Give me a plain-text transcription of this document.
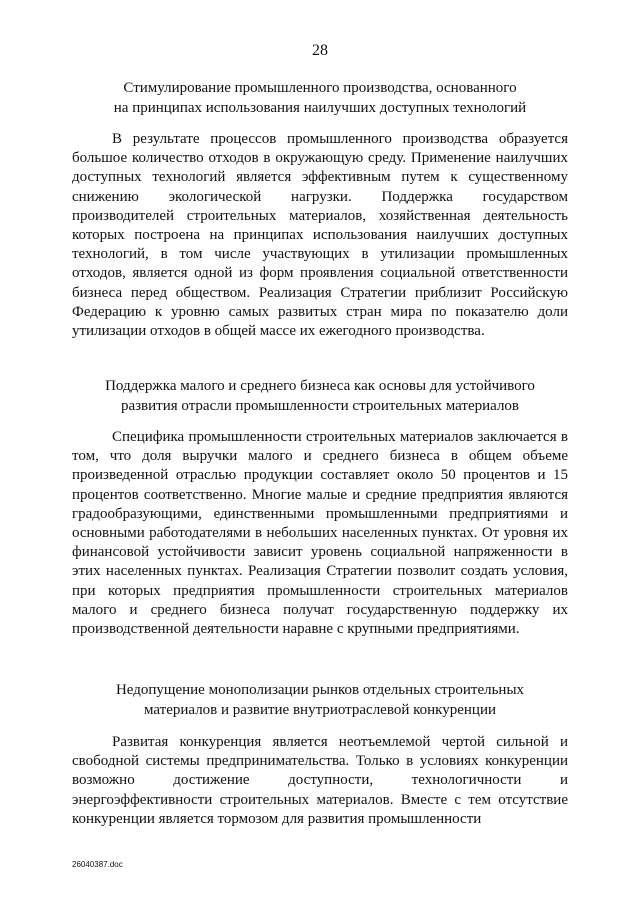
28
Стимулирование промышленного производства, основанного
на принципах использования наилучших доступных технологий

В результате процессов промышленного производства образуется большое количество отходов в окружающую среду. Применение наилучших доступных технологий является эффективным путем к существенному снижению экологической нагрузки. Поддержка государством производителей строительных материалов, хозяйственная деятельность которых построена на принципах использования наилучших доступных технологий, в том числе участвующих в утилизации промышленных отходов, является одной из форм проявления социальной ответственности бизнеса перед обществом. Реализация Стратегии приблизит Российскую Федерацию к уровню самых развитых стран мира по показателю доли утилизации отходов в общей массе их ежегодного производства.

Поддержка малого и среднего бизнеса как основы для устойчивого
развития отрасли промышленности строительных материалов

Специфика промышленности строительных материалов заключается в том, что доля выручки малого и среднего бизнеса в общем объеме произведенной отраслью продукции составляет около 50 процентов и 15 процентов соответственно. Многие малые и средние предприятия являются градообразующими, единственными промышленными предприятиями и основными работодателями в небольших населенных пунктах. От уровня их финансовой устойчивости зависит уровень социальной напряженности в этих населенных пунктах. Реализация Стратегии позволит создать условия, при которых предприятия промышленности строительных материалов малого и среднего бизнеса получат государственную поддержку их производственной деятельности наравне с крупными предприятиями.

Недопущение монополизации рынков отдельных строительных
материалов и развитие внутриотраслевой конкуренции

Развитая конкуренция является неотъемлемой чертой сильной и свободной системы предпринимательства. Только в условиях конкуренции возможно достижение доступности, технологичности и энергоэффективности строительных материалов. Вместе с тем отсутствие конкуренции является тормозом для развития промышленности

26040387.doc
